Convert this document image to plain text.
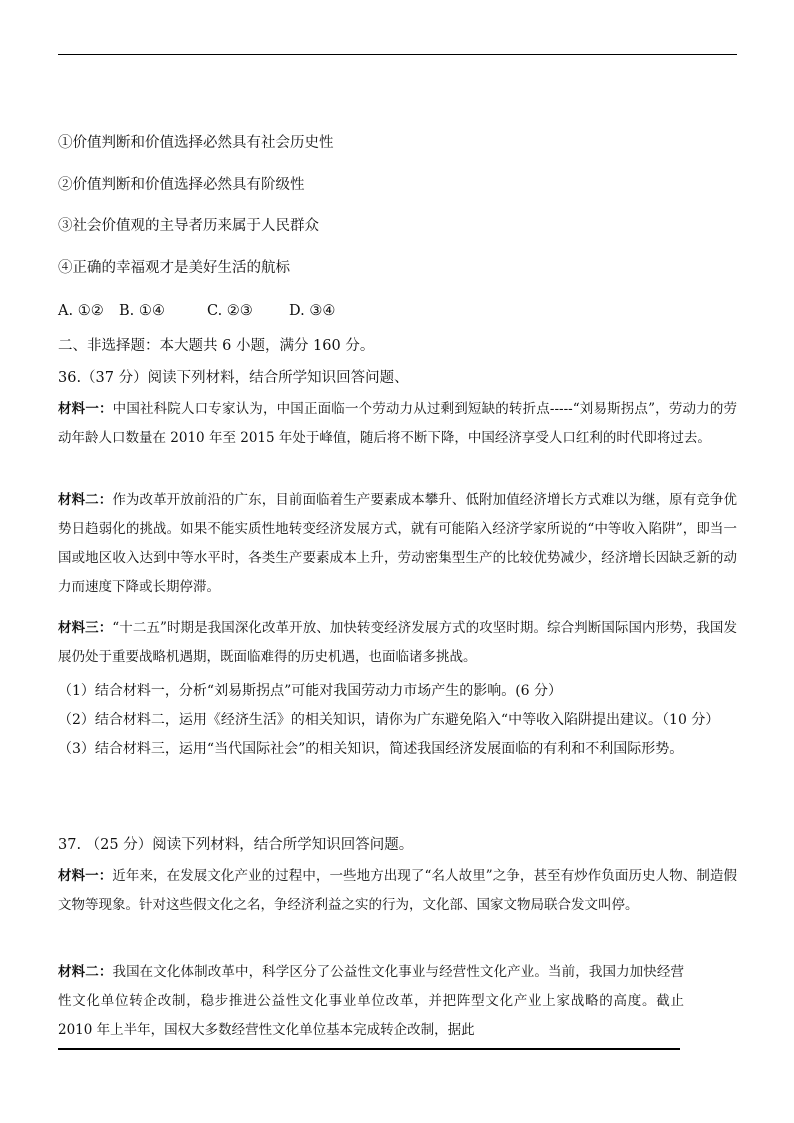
①价值判断和价值选择必然具有社会历史性
②价值判断和价值选择必然具有阶级性
③社会价值观的主导者历来属于人民群众
④正确的幸福观才是美好生活的航标
A. ①② B. ①④	C. ②③ D. ③④
二、非选择题：本大题共 6 小题，满分 160 分。
36.（37 分）阅读下列材料，结合所学知识回答问题、

材料一：中国社科院人口专家认为，中国正面临一个劳动力从过剩到短缺的转折点-----“刘易斯拐点”，劳动力的劳动年龄人口数量在 2010 年至 2015 年处于峰值，随后将不断下降，中国经济享受人口红利的时代即将过去。

材料二：作为改革开放前沿的广东，目前面临着生产要素成本攀升、低附加值经济增长方式难以为继，原有竞争优势日趋弱化的挑战。如果不能实质性地转变经济发展方式，就有可能陷入经济学家所说的“中等收入陷阱”，即当一国或地区收入达到中等水平时，各类生产要素成本上升，劳动密集型生产的比较优势减少，经济增长因缺乏新的动力而速度下降或长期停滞。

材料三：“十二五”时期是我国深化改革开放、加快转变经济发展方式的攻坚时期。综合判断国际国内形势，我国发展仍处于重要战略机遇期，既面临难得的历史机遇，也面临诸多挑战。

（1）结合材料一，分析“刘易斯拐点”可能对我国劳动力市场产生的影响。(6 分）

（2）结合材料二，运用《经济生活》的相关知识，请你为广东避免陷入“中等收入陷阱提出建议。（10 分）

（3）结合材料三，运用“当代国际社会”的相关知识，简述我国经济发展面临的有利和不利国际形势。

37. （25 分）阅读下列材料，结合所学知识回答问题。

材料一：近年来，在发展文化产业的过程中，一些地方出现了“名人故里”之争，甚至有炒作负面历史人物、制造假文物等现象。针对这些假文化之名，争经济利益之实的行为，文化部、国家文物局联合发文叫停。

材料二：我国在文化体制改革中，科学区分了公益性文化事业与经营性文化产业。当前，我国力加快经营性文化单位转企改制，稳步推进公益性文化事业单位改革，并把阵型文化产业上家战略的高度。截止 2010 年上半年，国权大多数经营性文化单位基本完成转企改制，据此
